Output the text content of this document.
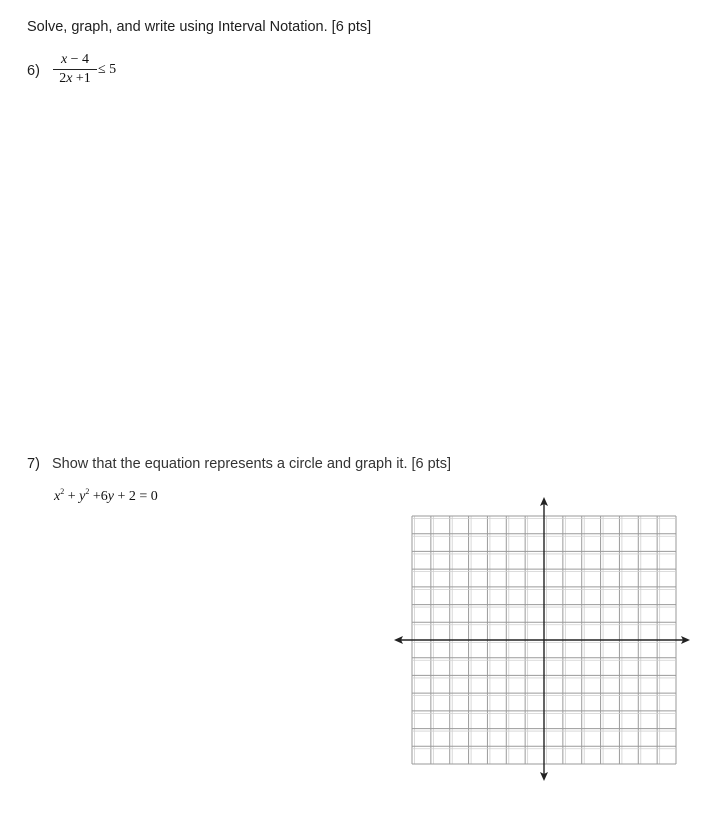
Solve, graph, and write using Interval Notation. [6 pts]
6)
x − 4
2x +1
≤ 5
7) Show that the equation represents a circle and graph it. [6 pts]
$x^2 + y^2 +6y + 2 = 0$
